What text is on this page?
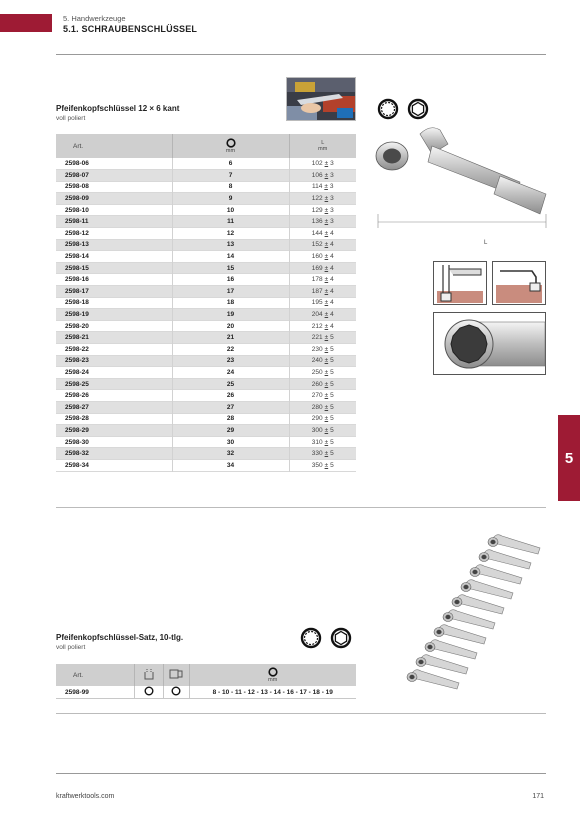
5. Handwerkzeuge
5.1. SCHRAUBENSCHLÜSSEL
Pfeifenkopfschlüssel 12 × 6 kant
voll poliert
Art.	mm	L
mm

2598-06	6	102 ± 3
2598-07	7	106 ± 3
2598-08	8	114 ± 3
2598-09	9	122 ± 3
2598-10	10	129 ± 3
2598-11	11	136 ± 3
2598-12	12	144 ± 4
2598-13	13	152 ± 4
2598-14	14	160 ± 4
2598-15	15	169 ± 4
2598-16	16	178 ± 4
2598-17	17	187 ± 4
2598-18	18	195 ± 4
2598-19	19	204 ± 4
2598-20	20	212 ± 4
2598-21	21	221 ± 5
2598-22	22	230 ± 5
2598-23	23	240 ± 5
2598-24	24	250 ± 5
2598-25	25	260 ± 5
2598-26	26	270 ± 5
2598-27	27	280 ± 5
2598-28	28	290 ± 5
2598-29	29	300 ± 5
2598-30	30	310 ± 5
2598-32	32	330 ± 5
2598-34	34	350 ± 5
L
5
Pfeifenkopfschlüssel-Satz, 10-tlg.
voll poliert
Art.			mm

2598-99			8 - 10 - 11 - 12 - 13 - 14 - 16 - 17 - 18 - 19
kraftwerktools.com	171
